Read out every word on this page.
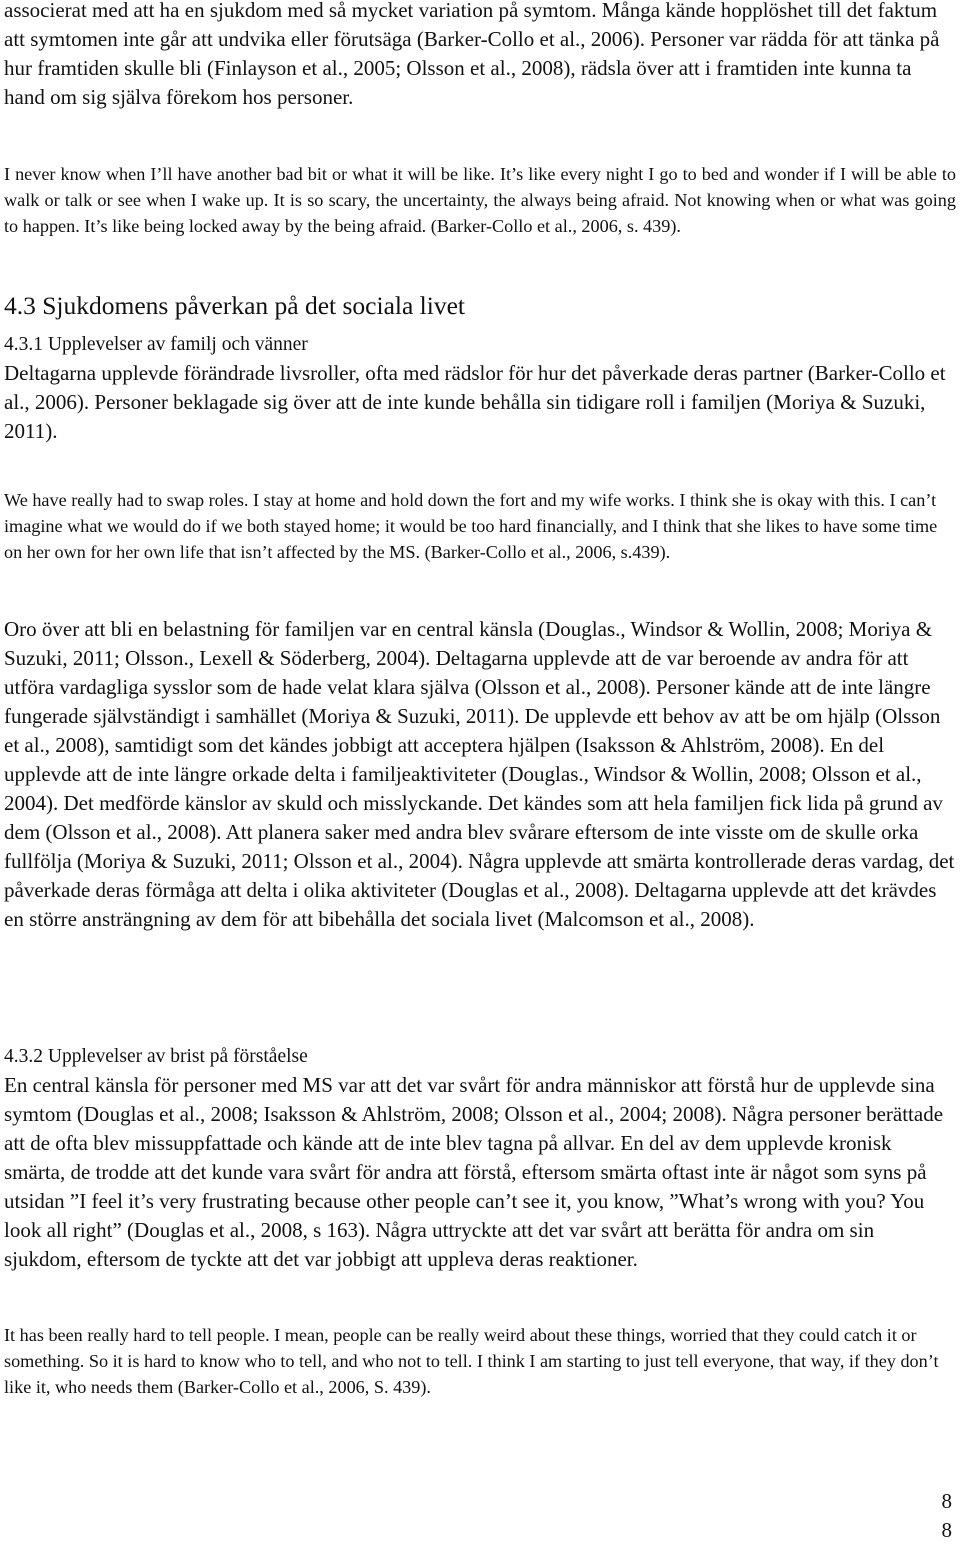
associerat med att ha en sjukdom med så mycket variation på symtom. Många kände hopplöshet till det faktum att symtomen inte går att undvika eller förutsäga (Barker-Collo et al., 2006). Personer var rädda för att tänka på hur framtiden skulle bli (Finlayson et al., 2005; Olsson et al., 2008), rädsla över att i framtiden inte kunna ta hand om sig själva förekom hos personer.

I never know when I’ll have another bad bit or what it will be like. It’s like every night I go to bed and wonder if I will be able to walk or talk or see when I wake up. It is so scary, the uncertainty, the always being afraid. Not knowing when or what was going to happen. It’s like being locked away by the being afraid. (Barker-Collo et al., 2006, s. 439).

4.3 Sjukdomens påverkan på det sociala livet
4.3.1 Upplevelser av familj och vänner

Deltagarna upplevde förändrade livsroller, ofta med rädslor för hur det påverkade deras partner (Barker-Collo et al., 2006). Personer beklagade sig över att de inte kunde behålla sin tidigare roll i familjen (Moriya & Suzuki, 2011).

We have really had to swap roles. I stay at home and hold down the fort and my wife works. I think she is okay with this. I can’t imagine what we would do if we both stayed home; it would be too hard financially, and I think that she likes to have some time on her own for her own life that isn’t affected by the MS. (Barker-Collo et al., 2006, s.439).

Oro över att bli en belastning för familjen var en central känsla (Douglas., Windsor & Wollin, 2008; Moriya & Suzuki, 2011; Olsson., Lexell & Söderberg, 2004). Deltagarna upplevde att de var beroende av andra för att utföra vardagliga sysslor som de hade velat klara själva (Olsson et al., 2008). Personer kände att de inte längre fungerade självständigt i samhället (Moriya & Suzuki, 2011). De upplevde ett behov av att be om hjälp (Olsson et al., 2008), samtidigt som det kändes jobbigt att acceptera hjälpen (Isaksson & Ahlström, 2008). En del upplevde att de inte längre orkade delta i familjeaktiviteter (Douglas., Windsor & Wollin, 2008; Olsson et al., 2004). Det medförde känslor av skuld och misslyckande. Det kändes som att hela familjen fick lida på grund av dem (Olsson et al., 2008). Att planera saker med andra blev svårare eftersom de inte visste om de skulle orka fullfölja (Moriya & Suzuki, 2011; Olsson et al., 2004). Några upplevde att smärta kontrollerade deras vardag, det påverkade deras förmåga att delta i olika aktiviteter (Douglas et al., 2008). Deltagarna upplevde att det krävdes en större ansträngning av dem för att bibehålla det sociala livet (Malcomson et al., 2008).

4.3.2 Upplevelser av brist på förståelse

En central känsla för personer med MS var att det var svårt för andra människor att förstå hur de upplevde sina symtom (Douglas et al., 2008; Isaksson & Ahlström, 2008; Olsson et al., 2004; 2008). Några personer berättade att de ofta blev missuppfattade och kände att de inte blev tagna på allvar. En del av dem upplevde kronisk smärta, de trodde att det kunde vara svårt för andra att förstå, eftersom smärta oftast inte är något som syns på utsidan ”I feel it’s very frustrating because other people can’t see it, you know, ”What’s wrong with you? You look all right” (Douglas et al., 2008, s 163). Några uttryckte att det var svårt att berätta för andra om sin sjukdom, eftersom de tyckte att det var jobbigt att uppleva deras reaktioner.

It has been really hard to tell people. I mean, people can be really weird about these things, worried that they could catch it or something. So it is hard to know who to tell, and who not to tell. I think I am starting to just tell everyone, that way, if they don’t like it, who needs them (Barker-Collo et al., 2006, S. 439).

8

8
